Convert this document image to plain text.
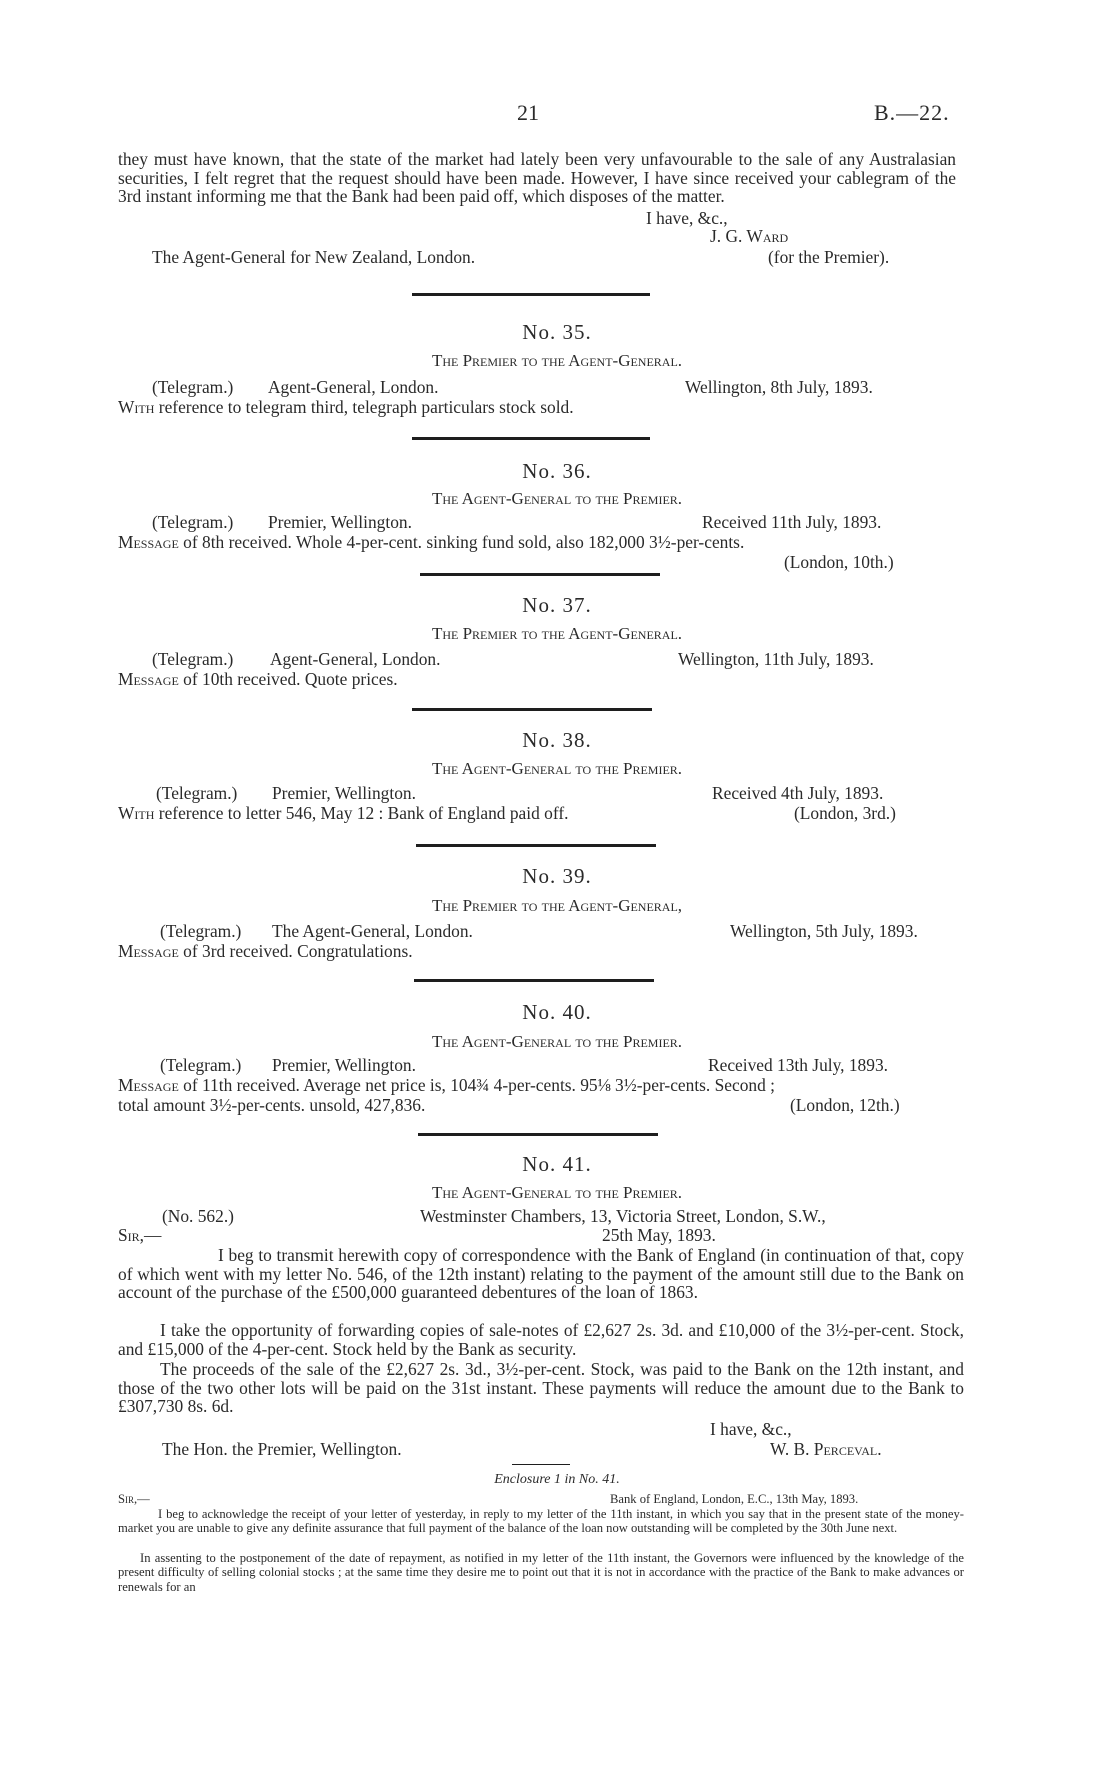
21	B.—22.
they must have known, that the state of the market had lately been very unfavourable to the sale of any Australasian securities, I felt regret that the request should have been made. However, I have since received your cablegram of the 3rd instant informing me that the Bank had been paid off, which disposes of the matter.
I have, &c.,
J. G. Ward
The Agent-General for New Zealand, London.	(for the Premier).
No. 35.
The Premier to the Agent-General.
(Telegram.) Agent-General, London.	Wellington, 8th July, 1893.
With reference to telegram third, telegraph particulars stock sold.
No. 36.
The Agent-General to the Premier.
(Telegram.) Premier, Wellington.	Received 11th July, 1893.
Message of 8th received. Whole 4-per-cent. sinking fund sold, also 182,000 3½-per-cents.
(London, 10th.)
No. 37.
The Premier to the Agent-General.
(Telegram.) Agent-General, London.	Wellington, 11th July, 1893.
Message of 10th received. Quote prices.
No. 38.
The Agent-General to the Premier.
(Telegram.) Premier, Wellington.	Received 4th July, 1893.
With reference to letter 546, May 12 : Bank of England paid off.	(London, 3rd.)
No. 39.
The Premier to the Agent-General,
(Telegram.) The Agent-General, London.	Wellington, 5th July, 1893.
Message of 3rd received. Congratulations.
No. 40.
The Agent-General to the Premier.
(Telegram.) Premier, Wellington.	Received 13th July, 1893.
Message of 11th received. Average net price is, 104¾ 4-per-cents. 95⅛ 3½-per-cents. Second ;
total amount 3½-per-cents. unsold, 427,836.	(London, 12th.)
No. 41.
The Agent-General to the Premier.
(No. 562.)	Westminster Chambers, 13, Victoria Street, London, S.W.,
Sir,—	25th May, 1893.
I beg to transmit herewith copy of correspondence with the Bank of England (in continuation of that, copy of which went with my letter No. 546, of the 12th instant) relating to the payment of the amount still due to the Bank on account of the purchase of the £500,000 guaranteed debentures of the loan of 1863.
I take the opportunity of forwarding copies of sale-notes of £2,627 2s. 3d. and £10,000 of the 3½-per-cent. Stock, and £15,000 of the 4-per-cent. Stock held by the Bank as security.
The proceeds of the sale of the £2,627 2s. 3d., 3½-per-cent. Stock, was paid to the Bank on the 12th instant, and those of the two other lots will be paid on the 31st instant. These payments will reduce the amount due to the Bank to £307,730 8s. 6d.
I have, &c.,
The Hon. the Premier, Wellington.	W. B. Perceval.
Enclosure 1 in No. 41.
Sir,—	Bank of England, London, E.C., 13th May, 1893.
I beg to acknowledge the receipt of your letter of yesterday, in reply to my letter of the 11th instant, in which you say that in the present state of the money-market you are unable to give any definite assurance that full payment of the balance of the loan now outstanding will be completed by the 30th June next.
In assenting to the postponement of the date of repayment, as notified in my letter of the 11th instant, the Governors were influenced by the knowledge of the present difficulty of selling colonial stocks ; at the same time they desire me to point out that it is not in accordance with the practice of the Bank to make advances or renewals for an
